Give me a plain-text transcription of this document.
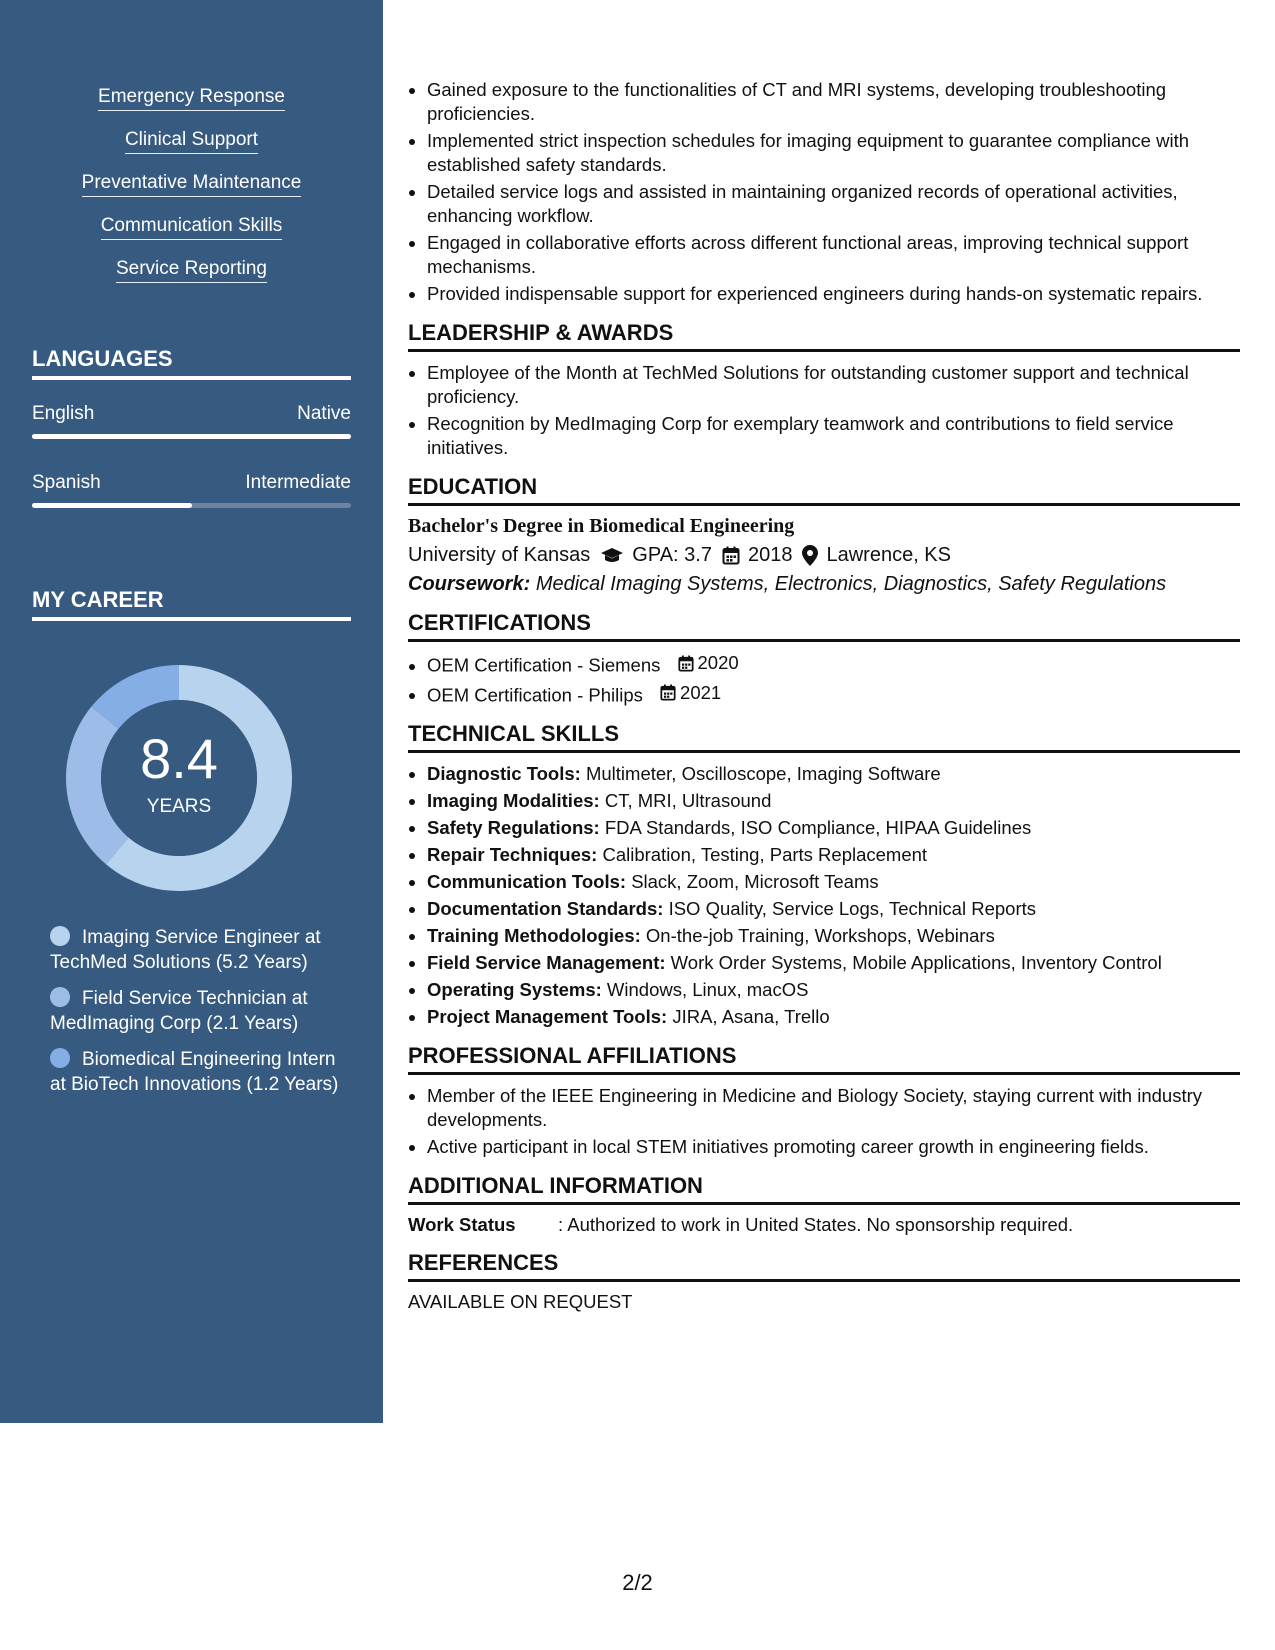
Emergency Response
Clinical Support
Preventative Maintenance
Communication Skills
Service Reporting
LANGUAGES
English	Native
Spanish	Intermediate
MY CAREER
8.4
YEARS
Imaging Service Engineer at TechMed Solutions (5.2 Years)
Field Service Technician at MedImaging Corp (2.1 Years)
Biomedical Engineering Intern at BioTech Innovations (1.2 Years)
• Gained exposure to the functionalities of CT and MRI systems, developing troubleshooting proficiencies.
• Implemented strict inspection schedules for imaging equipment to guarantee compliance with established safety standards.
• Detailed service logs and assisted in maintaining organized records of operational activities, enhancing workflow.
• Engaged in collaborative efforts across different functional areas, improving technical support mechanisms.
• Provided indispensable support for experienced engineers during hands-on systematic repairs.
LEADERSHIP & AWARDS
• Employee of the Month at TechMed Solutions for outstanding customer support and technical proficiency.
• Recognition by MedImaging Corp for exemplary teamwork and contributions to field service initiatives.
EDUCATION
Bachelor's Degree in Biomedical Engineering
University of Kansas GPA: 3.7 2018 Lawrence, KS
Coursework: Medical Imaging Systems, Electronics, Diagnostics, Safety Regulations
CERTIFICATIONS
• OEM Certification - Siemens 2020
• OEM Certification - Philips 2021
TECHNICAL SKILLS
• Diagnostic Tools: Multimeter, Oscilloscope, Imaging Software
• Imaging Modalities: CT, MRI, Ultrasound
• Safety Regulations: FDA Standards, ISO Compliance, HIPAA Guidelines
• Repair Techniques: Calibration, Testing, Parts Replacement
• Communication Tools: Slack, Zoom, Microsoft Teams
• Documentation Standards: ISO Quality, Service Logs, Technical Reports
• Training Methodologies: On-the-job Training, Workshops, Webinars
• Field Service Management: Work Order Systems, Mobile Applications, Inventory Control
• Operating Systems: Windows, Linux, macOS
• Project Management Tools: JIRA, Asana, Trello
PROFESSIONAL AFFILIATIONS
• Member of the IEEE Engineering in Medicine and Biology Society, staying current with industry developments.
• Active participant in local STEM initiatives promoting career growth in engineering fields.
ADDITIONAL INFORMATION
Work Status	: Authorized to work in United States. No sponsorship required.
REFERENCES
AVAILABLE ON REQUEST
2/2
